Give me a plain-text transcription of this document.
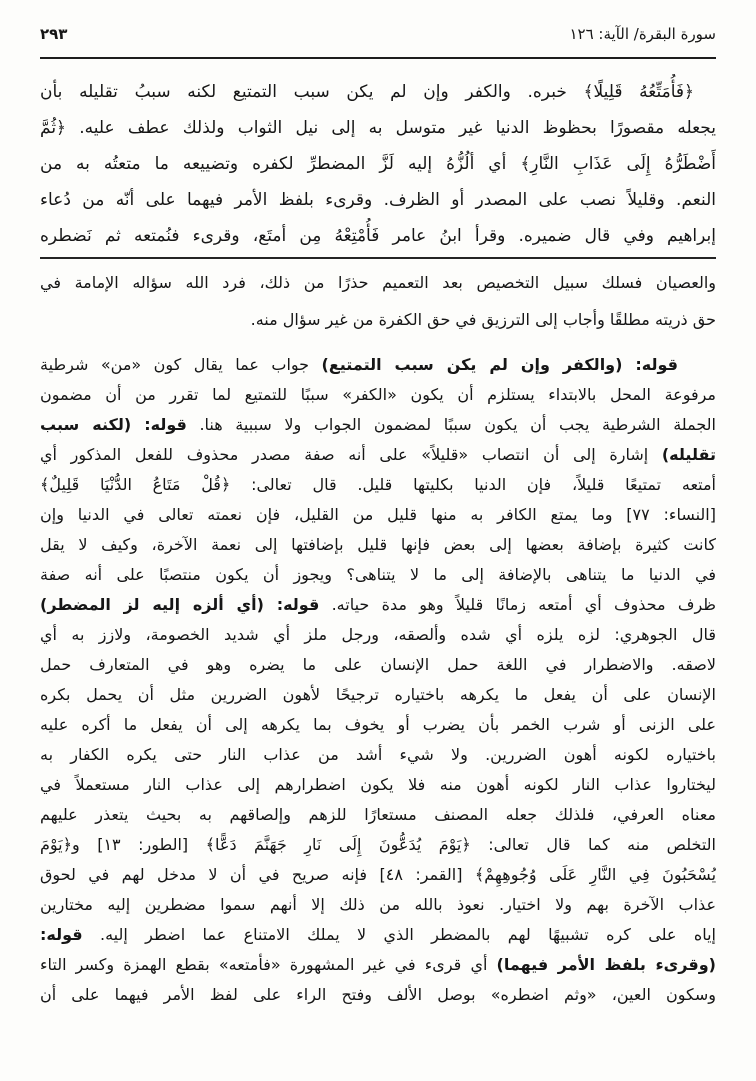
سورة البقرة/ الآية: ١٢٦
٢٩٣
﴿فَأُمَتِّعُهُ قَلِيلًا﴾ خبره. والكفر وإن لم يكن سبب التمتيع لكنه سببُ تقليله بأن
يجعله مقصورًا بحظوظ الدنيا غير متوسل به إلى نيل الثواب ولذلك عطف عليه. ﴿ثُمَّ
أَضْطَرُّهُ إِلَى عَذَابِ النَّارِ﴾ أي ألُزُّهُ إليه لَزَّ المضطرِّ لكفره وتضييعه ما متعتُه به من
النعم. وقليلاً نصب على المصدر أو الظرف. وقرىء بلفظ الأمر فيهما على أنّه من دُعاء
إبراهيم وفي قال ضميره. وقرأ ابنُ عامر فَأُمْتِعْهُ مِن أمتَع، وقرىء فنُمتعه ثم نَضطره
والعصيان فسلك سبيل التخصيص بعد التعميم حذرًا من ذلك، فرد الله سؤاله الإمامة في
حق ذريته مطلقًا وأجاب إلى الترزيق في حق الكفرة من غير سؤال منه.
قوله: (والكفر وإن لم يكن سبب التمتيع) جواب عما يقال كون «من» شرطية
مرفوعة المحل بالابتداء يستلزم أن يكون «الكفر» سببًا للتمتيع لما تقرر من أن مضمون
الجملة الشرطية يجب أن يكون سببًا لمضمون الجواب ولا سببية هنا. قوله: (لكنه سبب
تقليله) إشارة إلى أن انتصاب «قليلاً» على أنه صفة مصدر محذوف للفعل المذكور أي
أمتعه تمتيعًا قليلاً، فإن الدنيا بكليتها قليل. قال تعالى: ﴿قُلْ مَتَاعُ الدُّنْيَا قَلِيلٌ﴾
[النساء: ٧٧] وما يمتع الكافر به منها قليل من القليل، فإن نعمته تعالى في الدنيا وإن
كانت كثيرة بإضافة بعضها إلى بعض فإنها قليل بإضافتها إلى نعمة الآخرة، وكيف لا يقل
في الدنيا ما يتناهى بالإضافة إلى ما لا يتناهى؟ ويجوز أن يكون منتصبًا على أنه صفة
ظرف محذوف أي أمتعه زمانًا قليلاً وهو مدة حياته. قوله: (أي ألزه إليه لز المضطر)
قال الجوهري: لزه يلزه أي شده وألصقه، ورجل ملز أي شديد الخصومة، ولازز به أي
لاصقه. والاضطرار في اللغة حمل الإنسان على ما يضره وهو في المتعارف حمل
الإنسان على أن يفعل ما يكرهه باختياره ترجيحًا لأهون الضررين مثل أن يحمل بكره
على الزنى أو شرب الخمر بأن يضرب أو يخوف بما يكرهه إلى أن يفعل ما أكره عليه
باختياره لكونه أهون الضررين. ولا شيء أشد من عذاب النار حتى يكره الكفار به
ليختاروا عذاب النار لكونه أهون منه فلا يكون اضطرارهم إلى عذاب النار مستعملاً في
معناه العرفي، فلذلك جعله المصنف مستعارًا للزهم وإلصاقهم به بحيث يتعذر عليهم
التخلص منه كما قال تعالى: ﴿يَوْمَ يُدَعُّونَ إِلَى نَارِ جَهَنَّمَ دَعًّا﴾ [الطور: ١٣] و﴿يَوْمَ
يُسْحَبُونَ فِي النَّارِ عَلَى وُجُوهِهِمْ﴾ [القمر: ٤٨] فإنه صريح في أن لا مدخل لهم في لحوق
عذاب الآخرة بهم ولا اختيار. نعوذ بالله من ذلك إلا أنهم سموا مضطرين إليه مختارين
إياه على كره تشبيهًا لهم بالمضطر الذي لا يملك الامتناع عما اضطر إليه. قوله:
(وقرىء بلفظ الأمر فيهما) أي قرىء في غير المشهورة «فأمتعه» بقطع الهمزة وكسر التاء
وسكون العين، «وثم اضطره» بوصل الألف وفتح الراء على لفظ الأمر فيهما على أن
